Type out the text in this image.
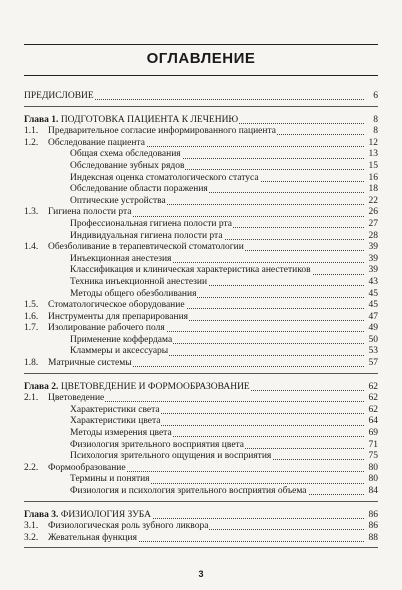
ОГЛАВЛЕНИЕ
ПРЕДИСЛОВИЕ	6
Глава 1. ПОДГОТОВКА ПАЦИЕНТА К ЛЕЧЕНИЮ	8
1.1. Предварительное согласие информированного пациента	8
1.2. Обследование пациента	12
Общая схема обследования	13
Обследование зубных рядов	15
Индексная оценка стоматологического статуса	16
Обследование области поражения	18
Оптические устройства	22
1.3. Гигиена полости рта	26
Профессиональная гигиена полости рта	27
Индивидуальная гигиена полости рта	28
1.4. Обезболивание в терапевтической стоматологии	39
Инъекционная анестезия	39
Классификация и клиническая характеристика анестетиков	39
Техника инъекционной анестезии	43
Методы общего обезболивания	45
1.5. Стоматологическое оборудование	45
1.6. Инструменты для препарирования	47
1.7. Изолирование рабочего поля	49
Применение коффердама	50
Кламмеры и аксессуары	53
1.8. Матричные системы	57
Глава 2. ЦВЕТОВЕДЕНИЕ И ФОРМООБРАЗОВАНИЕ	62
2.1. Цветоведение	62
Характеристики света	62
Характеристики цвета	64
Методы измерения цвета	69
Физиология зрительного восприятия цвета	71
Психология зрительного ощущения и восприятия	75
2.2. Формообразование	80
Термины и понятия	80
Физиология и психология зрительного восприятия объема	84
Глава 3. ФИЗИОЛОГИЯ ЗУБА	86
3.1. Физиологическая роль зубного ликвора	86
3.2. Жевательная функция	88
3
